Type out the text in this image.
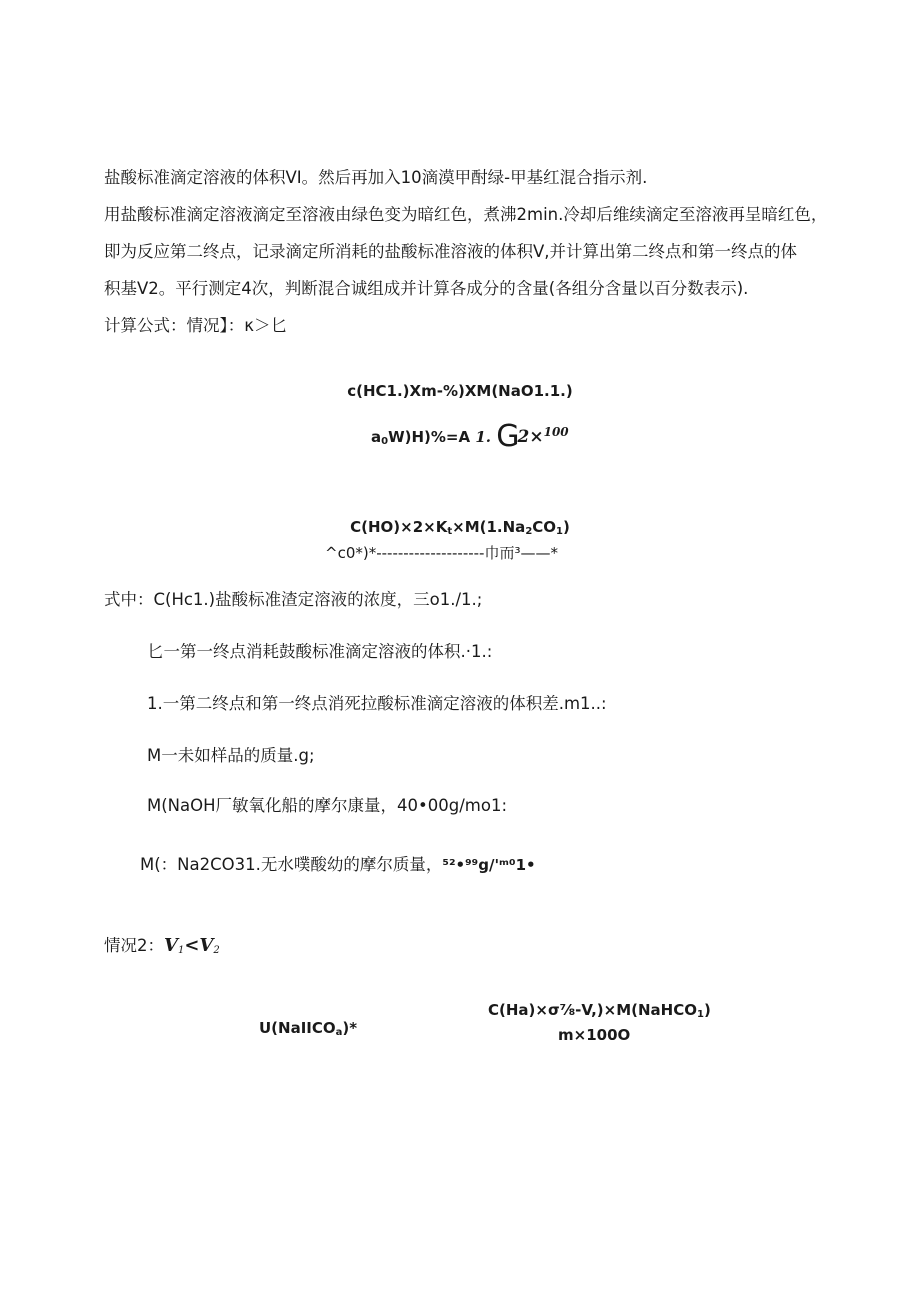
盐酸标准滴定溶液的体积VI。然后再加入10滴漠甲酎绿-甲基红混合指示剂.
用盐酸标准滴定溶液滴定至溶液由绿色变为暗红色，煮沸2min.冷却后维续滴定至溶液再呈暗红色，
即为反应第二终点，记录滴定所消耗的盐酸标准溶液的体积V,并计算出第二终点和第一终点的体
积基V2。平行测定4次，判断混合诚组成并计算各成分的含量(各组分含量以百分数表示).
计算公式：情况】：κ＞匕
c(HC1.)Xm-%)XM(NaO1.1.)
$a_0W)H)\%=A$ 1. G2×$^{100}$
$C(HO)\times 2\times K_t\times M(1.Na_2CO_1)$
^c0*)*--------------------巾而³——*
式中：C(Hc1.)盐酸标准渣定溶液的浓度，三o1./1.;
匕一第一终点消耗鼓酸标准滴定溶液的体积.·1.:
1.一第二终点和第一终点消死拉酸标准滴定溶液的体积差.m1..:
M一未如样品的质量.g;
M(NaOH厂敏氧化船的摩尔康量，40•00g/mo1:
M(：Na2CO31.无水噗酸幼的摩尔质量，⁵²•⁹⁹g/'ᵐ⁰1•
情况2：$V_1<V_2$
U(NaIICO$_a$)*
C(Ha)×σ⅞-V,)×M(NaHCO$_1$)
m×100O
